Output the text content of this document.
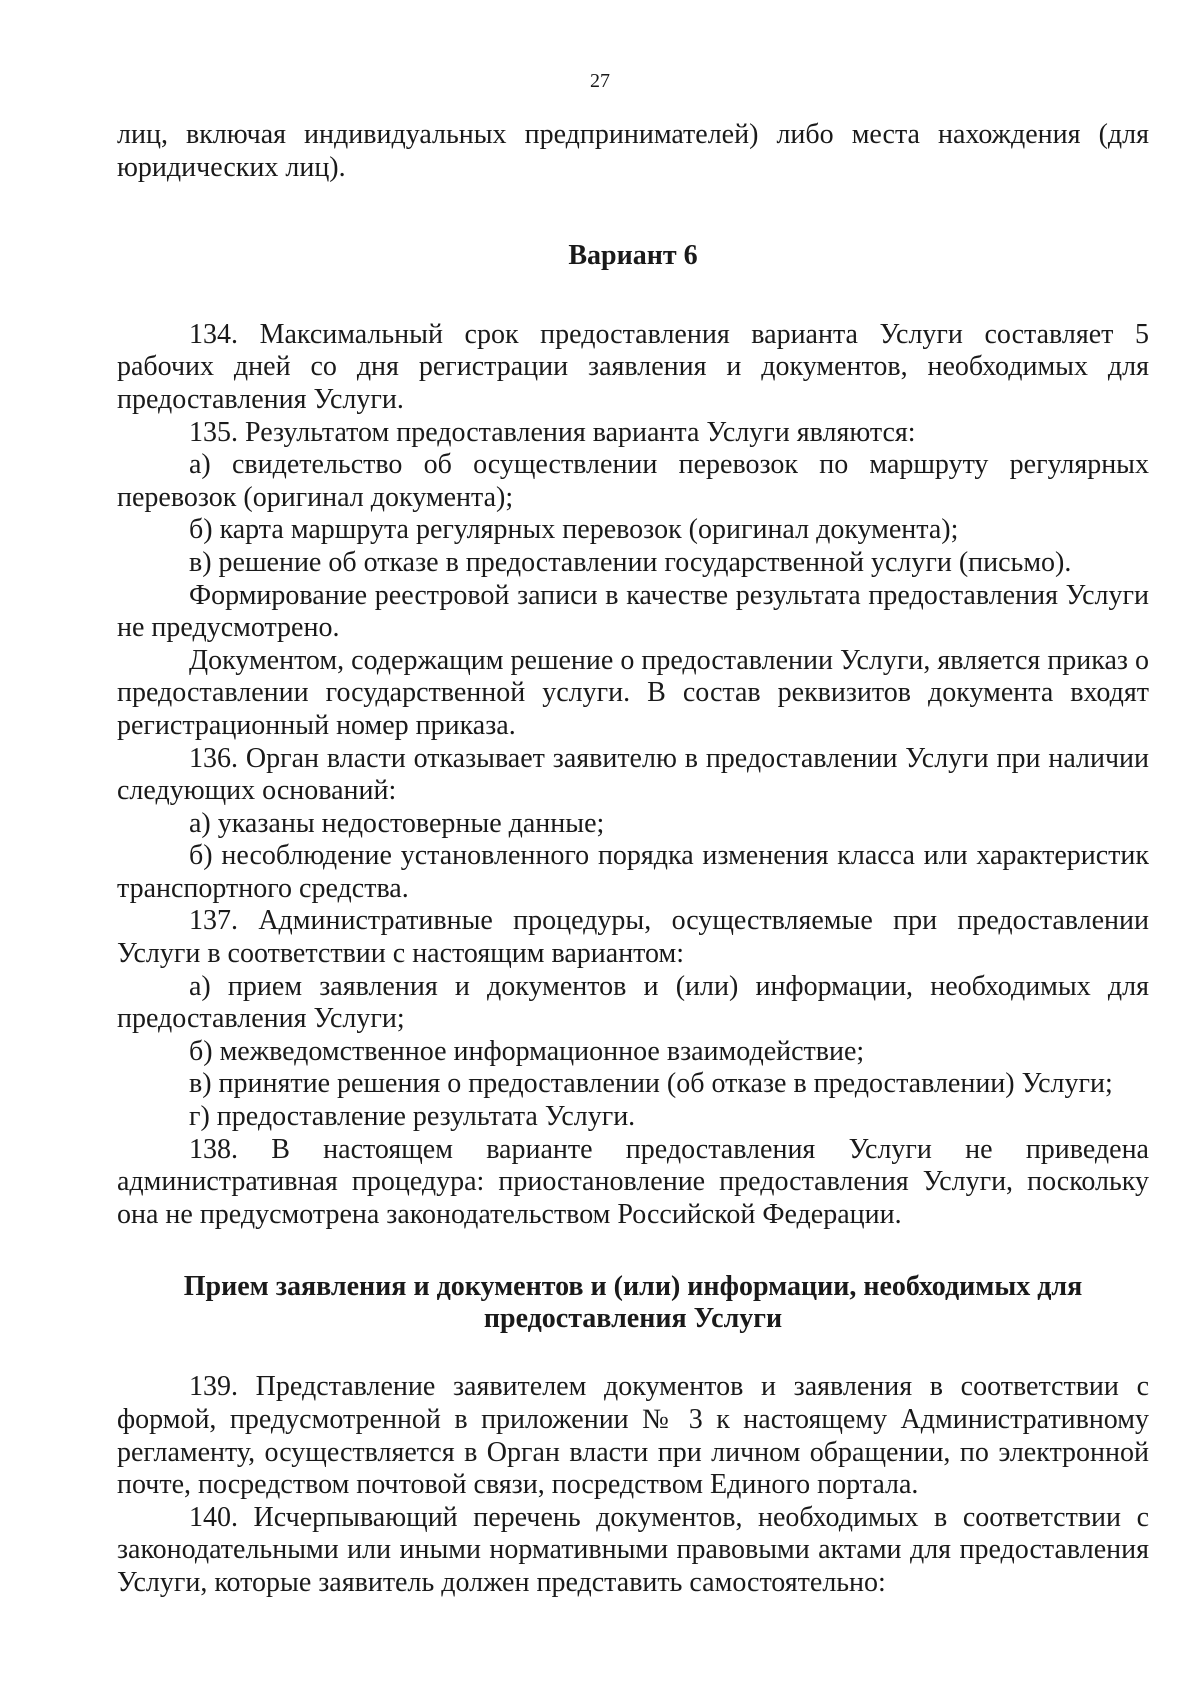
27

лиц, включая индивидуальных предпринимателей) либо места нахождения (для юридических лиц).

Вариант 6

134. Максимальный срок предоставления варианта Услуги составляет 5 рабочих дней со дня регистрации заявления и документов, необходимых для предоставления Услуги.

135. Результатом предоставления варианта Услуги являются:

а) свидетельство об осуществлении перевозок по маршруту регулярных перевозок (оригинал документа);

б) карта маршрута регулярных перевозок (оригинал документа);

в) решение об отказе в предоставлении государственной услуги (письмо).

Формирование реестровой записи в качестве результата предоставления Услуги не предусмотрено.

Документом, содержащим решение о предоставлении Услуги, является приказ о предоставлении государственной услуги. В состав реквизитов документа входят регистрационный номер приказа.

136. Орган власти отказывает заявителю в предоставлении Услуги при наличии следующих оснований:

а) указаны недостоверные данные;

б) несоблюдение установленного порядка изменения класса или характеристик транспортного средства.

137. Административные процедуры, осуществляемые при предоставлении Услуги в соответствии с настоящим вариантом:

а) прием заявления и документов и (или) информации, необходимых для предоставления Услуги;

б) межведомственное информационное взаимодействие;

в) принятие решения о предоставлении (об отказе в предоставлении) Услуги;

г) предоставление результата Услуги.

138. В настоящем варианте предоставления Услуги не приведена административная процедура: приостановление предоставления Услуги, поскольку она не предусмотрена законодательством Российской Федерации.

Прием заявления и документов и (или) информации, необходимых для
предоставления Услуги

139. Представление заявителем документов и заявления в соответствии с формой, предусмотренной в приложении № 3 к настоящему Административному регламенту, осуществляется в Орган власти при личном обращении, по электронной почте, посредством почтовой связи, посредством Единого портала.

140. Исчерпывающий перечень документов, необходимых в соответствии с законодательными или иными нормативными правовыми актами для предоставления Услуги, которые заявитель должен представить самостоятельно:
